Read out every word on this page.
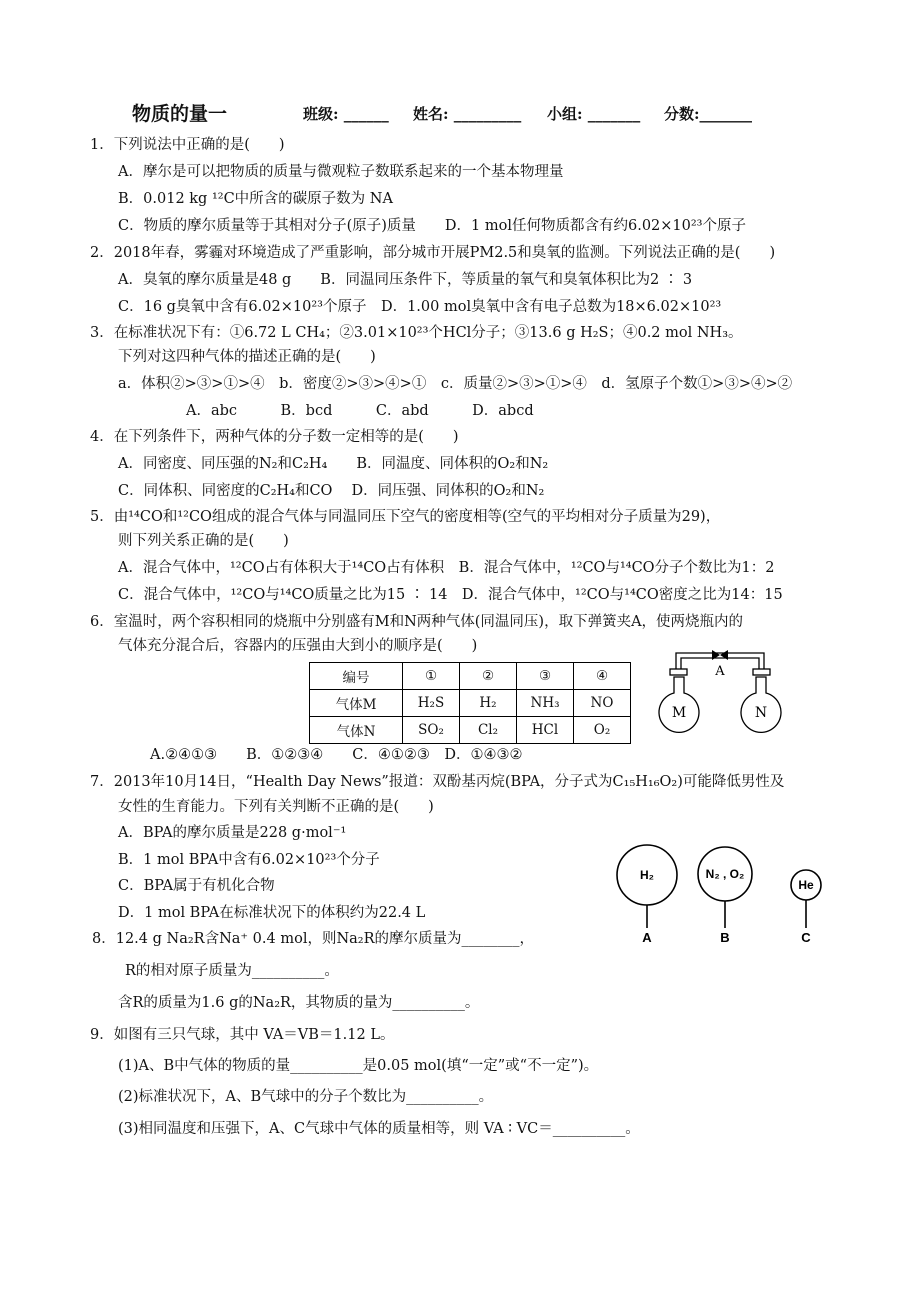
物质的量一	班级: ______ 姓名: _________ 小组: _______ 分数:_______
1．下列说法中正确的是(　　)
A．摩尔是可以把物质的质量与微观粒子数联系起来的一个基本物理量
B．0.012 kg ¹²C中所含的碳原子数为 NA
C．物质的摩尔质量等于其相对分子(原子)质量　　D．1 mol任何物质都含有约6.02×10²³个原子
2．2018年春，雾霾对环境造成了严重影响，部分城市开展PM2.5和臭氧的监测。下列说法正确的是(　　)
A．臭氧的摩尔质量是48 g　　B．同温同压条件下，等质量的氧气和臭氧体积比为2 ∶ 3
C．16 g臭氧中含有6.02×10²³个原子　D．1.00 mol臭氧中含有电子总数为18×6.02×10²³
3．在标准状况下有：①6.72 L CH₄；②3.01×10²³个HCl分子；③13.6 g H₂S；④0.2 mol NH₃。
下列对这四种气体的描述正确的是(　　)
a．体积②>③>①>④　b．密度②>③>④>①　c．质量②>③>①>④　d．氢原子个数①>③>④>②
A．abc　　　B．bcd　　　C．abd　　　D．abcd
4．在下列条件下，两种气体的分子数一定相等的是(　　)
A．同密度、同压强的N₂和C₂H₄　　B．同温度、同体积的O₂和N₂
C．同体积、同密度的C₂H₄和CO　 D．同压强、同体积的O₂和N₂
5．由¹⁴CO和¹²CO组成的混合气体与同温同压下空气的密度相等(空气的平均相对分子质量为29)，
则下列关系正确的是(　　)
A．混合气体中，¹²CO占有体积大于¹⁴CO占有体积　B．混合气体中，¹²CO与¹⁴CO分子个数比为1：2
C．混合气体中，¹²CO与¹⁴CO质量之比为15 ∶ 14　D．混合气体中，¹²CO与¹⁴CO密度之比为14：15
6．室温时，两个容积相同的烧瓶中分别盛有M和N两种气体(同温同压)，取下弹簧夹A，使两烧瓶内的
气体充分混合后，容器内的压强由大到小的顺序是(　　)
编号	①	②	③	④
气体M	H₂S	H₂	NH₃	NO
气体N	SO₂	Cl₂	HCl	O₂
A
M	N
A.②④①③　　B．①②③④　　C．④①②③　D．①④③②
7．2013年10月14日，“Health Day News”报道：双酚基丙烷(BPA，分子式为C₁₅H₁₆O₂)可能降低男性及
女性的生育能力。下列有关判断不正确的是(　　)
A．BPA的摩尔质量是228 g·mol⁻¹
B．1 mol BPA中含有6.02×10²³个分子
C．BPA属于有机化合物
D．1 mol BPA在标准状况下的体积约为22.4 L
H₂	N₂ , O₂
He
A	B	C
8．12.4 g Na₂R含Na⁺ 0.4 mol，则Na₂R的摩尔质量为________，
R的相对原子质量为__________。
含R的质量为1.6 g的Na₂R，其物质的量为__________。
9．如图有三只气球，其中 VA＝VB＝1.12 L。
(1)A、B中气体的物质的量__________是0.05 mol(填“一定”或“不一定”)。
(2)标准状况下，A、B气球中的分子个数比为__________。
(3)相同温度和压强下，A、C气球中气体的质量相等，则 VA ∶ VC＝__________。
